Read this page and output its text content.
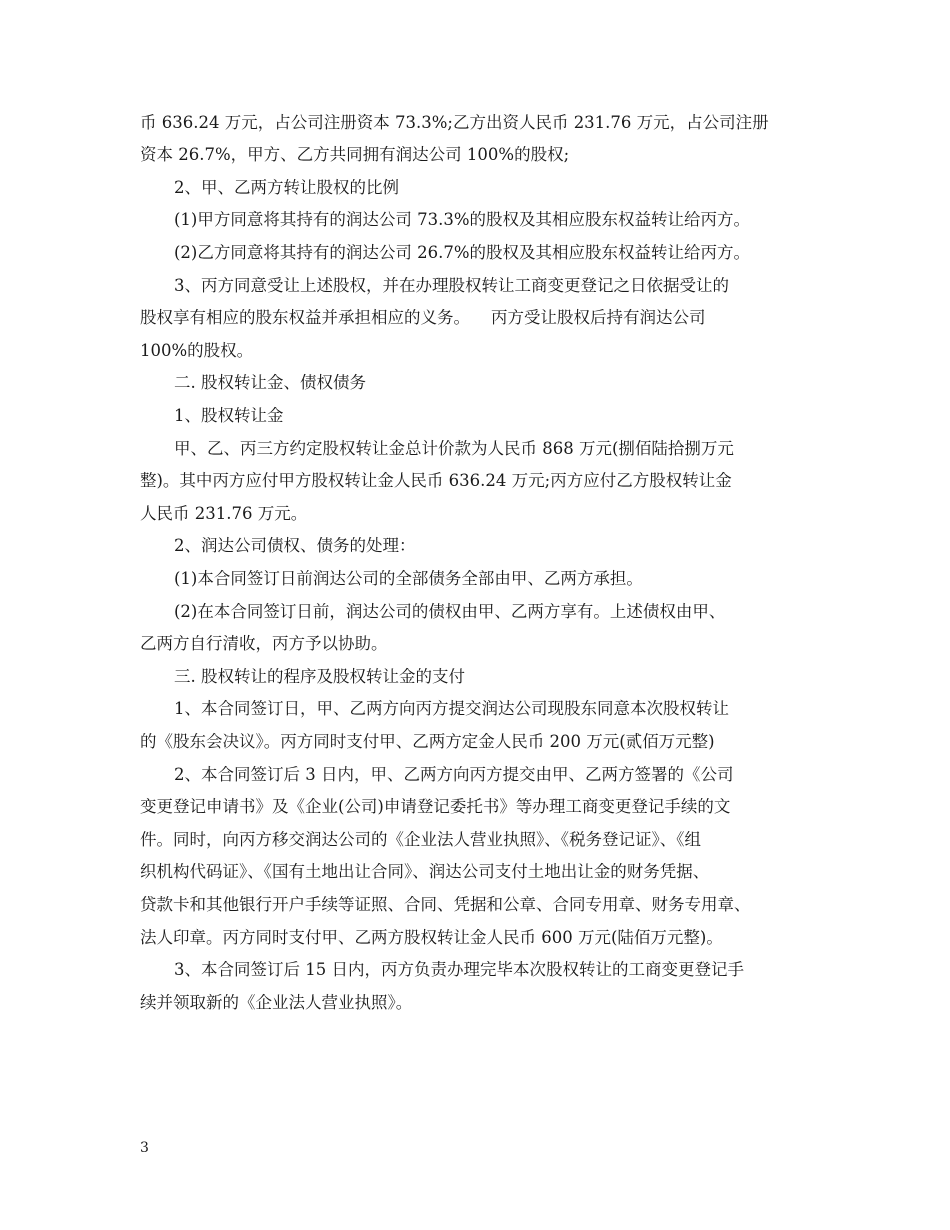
币 636.24 万元，占公司注册资本 73.3%;乙方出资人民币 231.76 万元，占公司注册
资本 26.7%，甲方、乙方共同拥有润达公司 100%的股权;
2、甲、乙两方转让股权的比例
(1)甲方同意将其持有的润达公司 73.3%的股权及其相应股东权益转让给丙方。
(2)乙方同意将其持有的润达公司 26.7%的股权及其相应股东权益转让给丙方。
3、丙方同意受让上述股权，并在办理股权转让工商变更登记之日依据受让的
股权享有相应的股东权益并承担相应的义务。    丙方受让股权后持有润达公司
100%的股权。
二. 股权转让金、债权债务
1、股权转让金
甲、乙、丙三方约定股权转让金总计价款为人民币 868 万元(捌佰陆拾捌万元
整)。其中丙方应付甲方股权转让金人民币 636.24 万元;丙方应付乙方股权转让金
人民币 231.76 万元。
2、润达公司债权、债务的处理：
(1)本合同签订日前润达公司的全部债务全部由甲、乙两方承担。
(2)在本合同签订日前，润达公司的债权由甲、乙两方享有。上述债权由甲、
乙两方自行清收，丙方予以协助。
三. 股权转让的程序及股权转让金的支付
1、本合同签订日，甲、乙两方向丙方提交润达公司现股东同意本次股权转让
的《股东会决议》。丙方同时支付甲、乙两方定金人民币 200 万元(贰佰万元整)
2、本合同签订后 3 日内，甲、乙两方向丙方提交由甲、乙两方签署的《公司
变更登记申请书》及《企业(公司)申请登记委托书》等办理工商变更登记手续的文
件。同时，向丙方移交润达公司的《企业法人营业执照》、《税务登记证》、《组
织机构代码证》、《国有土地出让合同》、润达公司支付土地出让金的财务凭据、
贷款卡和其他银行开户手续等证照、合同、凭据和公章、合同专用章、财务专用章、
法人印章。丙方同时支付甲、乙两方股权转让金人民币 600 万元(陆佰万元整)。
3、本合同签订后 15 日内，丙方负责办理完毕本次股权转让的工商变更登记手
续并领取新的《企业法人营业执照》。
3
